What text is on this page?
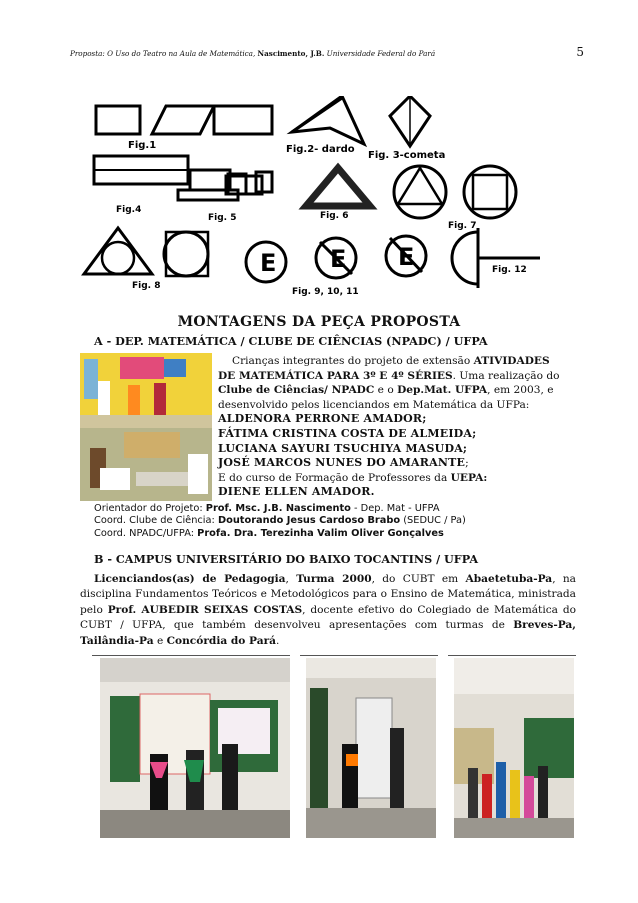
Proposta: O Uso do Teatro na Aula de Matemática, Nascimento, J.B. Universidade Federal do Pará	5
E E E
Fig.1	Fig.2- dardo
Fig. 3-cometa
Fig.4
Fig. 5	Fig. 6
Fig. 7
Fig. 8
Fig. 9, 10, 11
Fig. 12
MONTAGENS DA PEÇA PROPOSTA
A - DEP. MATEMÁTICA / CLUBE DE CIÊNCIAS (NPADC) / UFPA
Crianças integrantes do projeto de extensão ATIVIDADES DE MATEMÁTICA PARA 3º E 4º SÉRIES. Uma realização do Clube de Ciências/ NPADC e o Dep.Mat. UFPA, em 2003, e desenvolvido pelos licenciandos em Matemática da UFPa:
ALDENORA PERRONE AMADOR;
FÁTIMA CRISTINA COSTA DE ALMEIDA;
LUCIANA SAYURI TSUCHIYA MASUDA;
JOSÉ MARCOS NUNES DO AMARANTE;
E do curso de Formação de Professores da UEPA:
DIENE ELLEN AMADOR.
Orientador do Projeto: Prof. Msc. J.B. Nascimento - Dep. Mat - UFPA
Coord. Clube de Ciência: Doutorando Jesus Cardoso Brabo (SEDUC / Pa)
Coord. NPADC/UFPA: Profa. Dra. Terezinha Valim Oliver Gonçalves
B - CAMPUS UNIVERSITÁRIO DO BAIXO TOCANTINS / UFPA
Licenciandos(as) de Pedagogia, Turma 2000, do CUBT em Abaetetuba-Pa, na disciplina Fundamentos Teóricos e Metodológicos para o Ensino de Matemática, ministrada pelo Prof. AUBEDIR SEIXAS COSTAS, docente efetivo do Colegiado de Matemática do CUBT / UFPA, que também desenvolveu apresentações com turmas de Breves-Pa, Tailândia-Pa e Concórdia do Pará.
